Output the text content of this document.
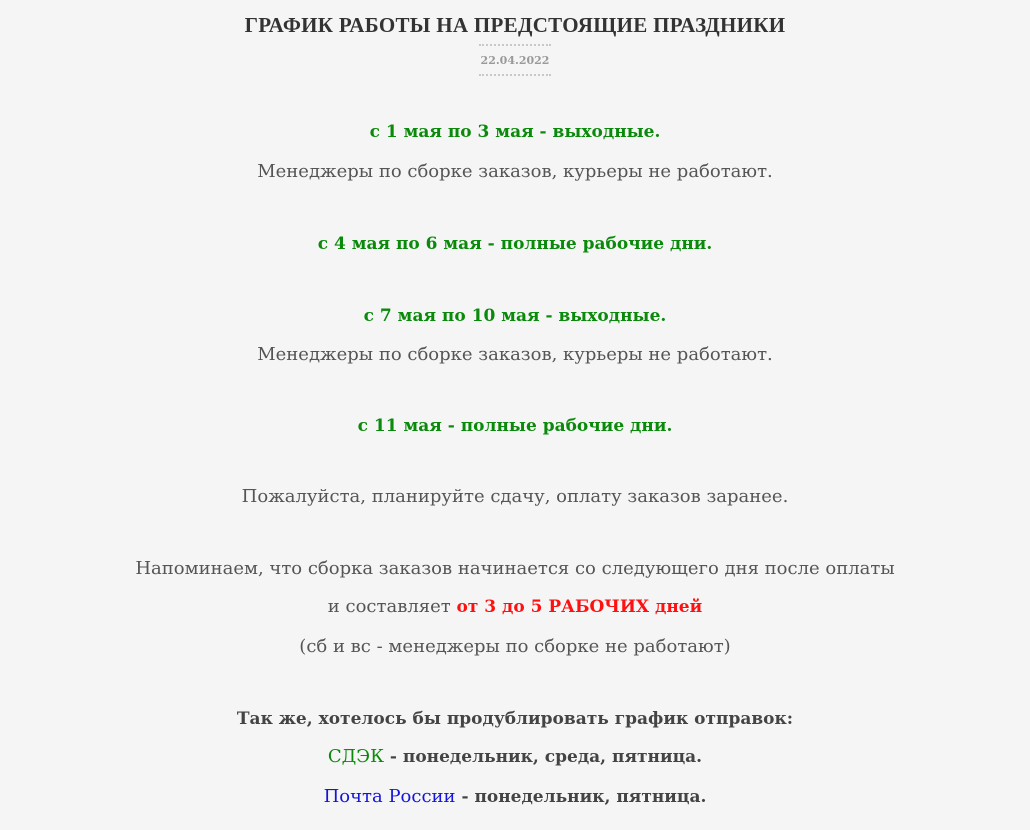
ГРАФИК РАБОТЫ НА ПРЕДСТОЯЩИЕ ПРАЗДНИКИ
22.04.2022
с 1 мая по 3 мая - выходные.
Менеджеры по сборке заказов, курьеры не работают.
с 4 мая по 6 мая - полные рабочие дни.
с 7 мая по 10 мая - выходные.
Менеджеры по сборке заказов, курьеры не работают.
с 11 мая - полные рабочие дни.
Пожалуйста, планируйте сдачу, оплату заказов заранее.
Напоминаем, что сборка заказов начинается со следующего дня после оплаты
и составляет от 3 до 5 РАБОЧИХ дней
(сб и вс - менеджеры по сборке не работают)
Так же, хотелось бы продублировать график отправок:
СДЭК - понедельник, среда, пятница.
Почта России - понедельник, пятница.
